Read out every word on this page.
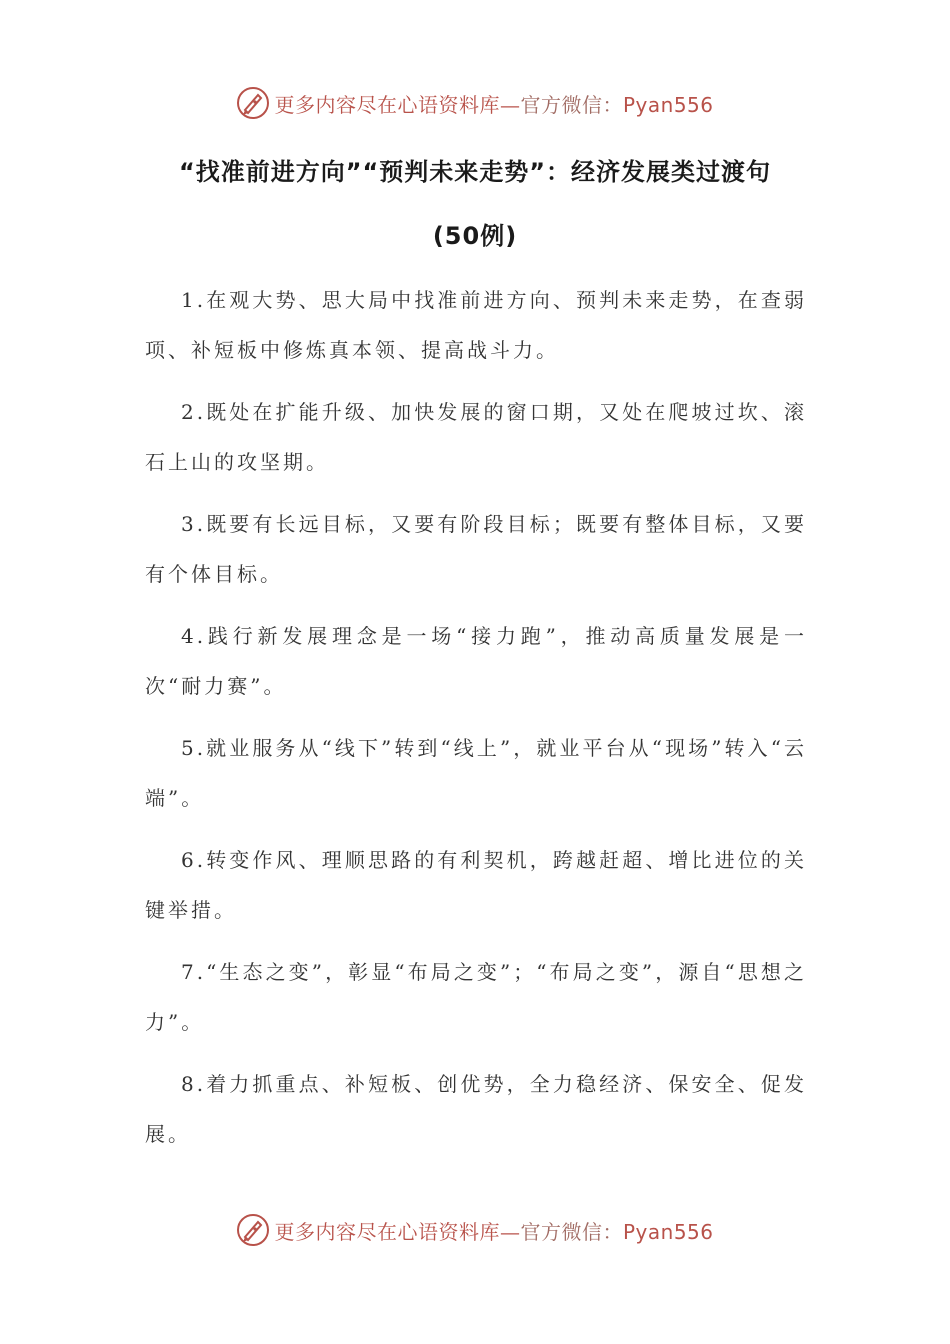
更多内容尽在心语资料库—官方微信：Pyan556
“找准前进方向”“预判未来走势”：经济发展类过渡句
(50例)

1.在观大势、思大局中找准前进方向、预判未来走势，在查弱项、补短板中修炼真本领、提高战斗力。

2.既处在扩能升级、加快发展的窗口期，又处在爬坡过坎、滚石上山的攻坚期。

3.既要有长远目标，又要有阶段目标；既要有整体目标，又要有个体目标。

4.践行新发展理念是一场“接力跑”，推动高质量发展是一次“耐力赛”。

5.就业服务从“线下”转到“线上”，就业平台从“现场”转入“云端”。

6.转变作风、理顺思路的有利契机，跨越赶超、增比进位的关键举措。

7.“生态之变”，彰显“布局之变”；“布局之变”，源自“思想之力”。

8.着力抓重点、补短板、创优势，全力稳经济、保安全、促发展。

更多内容尽在心语资料库—官方微信：Pyan556
